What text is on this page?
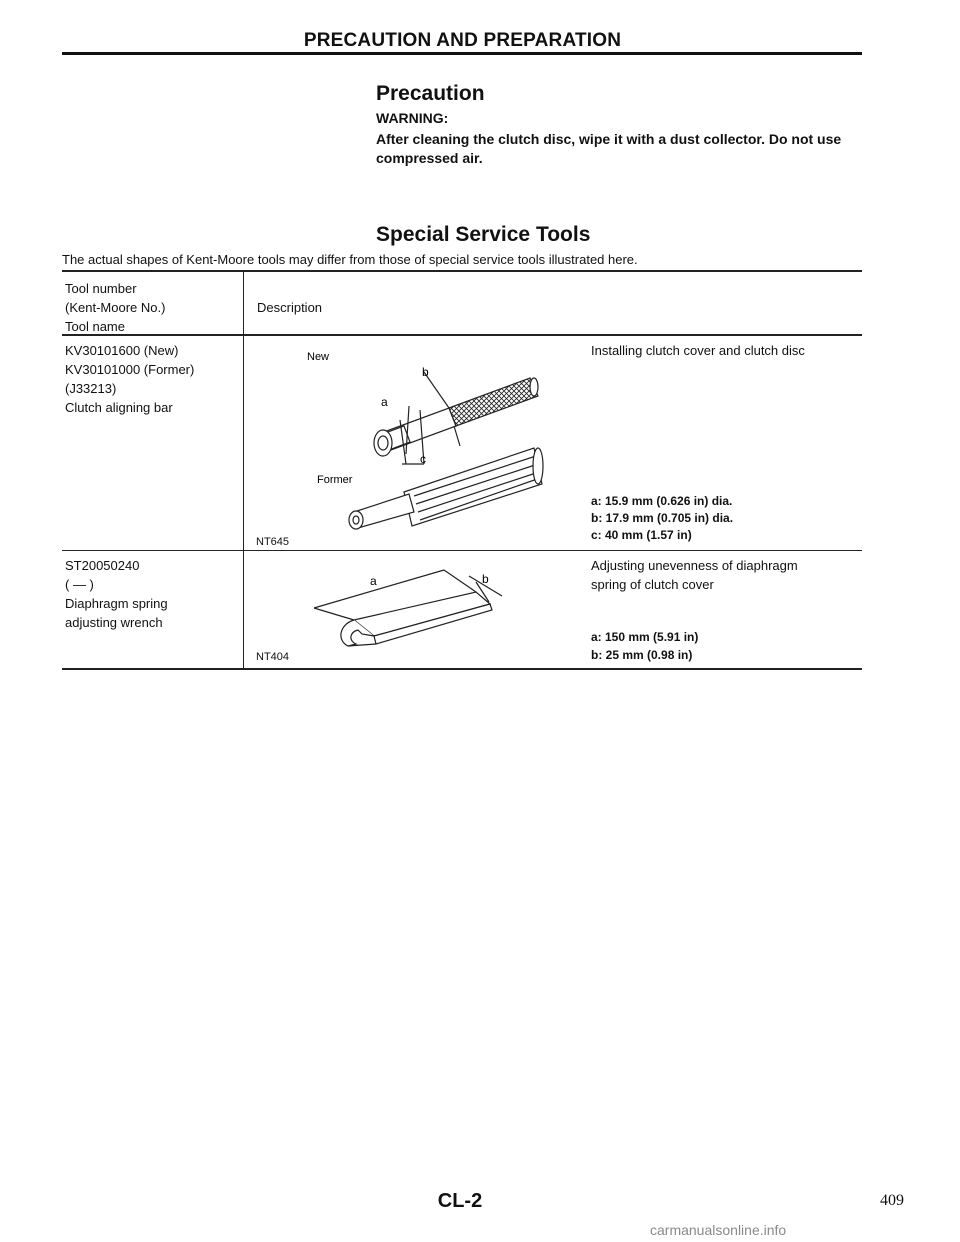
PRECAUTION AND PREPARATION
Precaution
WARNING:
After cleaning the clutch disc, wipe it with a dust collector. Do not use compressed air.
Special Service Tools
The actual shapes of Kent-Moore tools may differ from those of special service tools illustrated here.
Tool number
(Kent-Moore No.)
Tool name
Description
KV30101600 (New)
KV30101000 (Former)
(J33213)
Clutch aligning bar
New
Former
a
b
c
NT645
Installing clutch cover and clutch disc
a: 15.9 mm (0.626 in) dia.
b: 17.9 mm (0.705 in) dia.
c: 40 mm (1.57 in)
ST20050240
( — )
Diaphragm spring
adjusting wrench
a	b
NT404
Adjusting unevenness of diaphragm
spring of clutch cover
a: 150 mm (5.91 in)
b: 25 mm (0.98 in)
CL-2	409
carmanualsonline.info
